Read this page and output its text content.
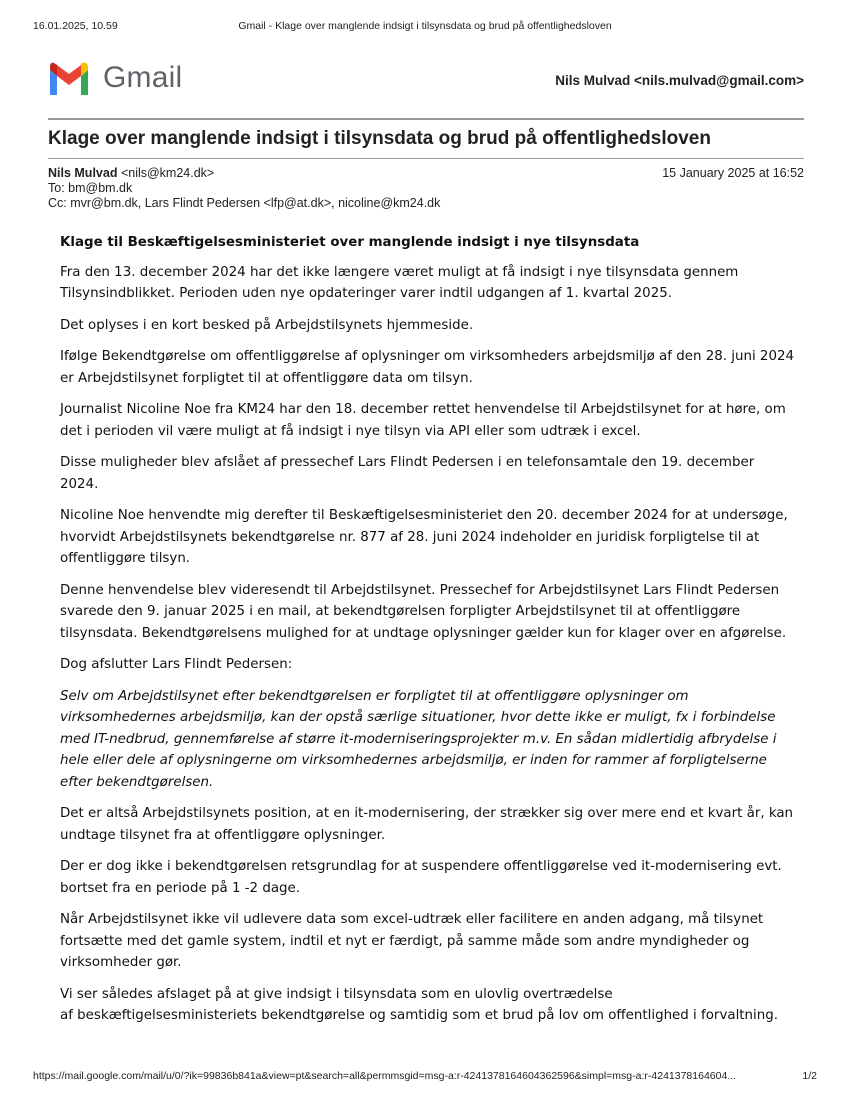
16.01.2025, 10.59	Gmail - Klage over manglende indsigt i tilsynsdata og brud på offentlighedsloven
Gmail	Nils Mulvad <nils.mulvad@gmail.com>
Klage over manglende indsigt i tilsynsdata og brud på offentlighedsloven
Nils Mulvad <nils@km24.dk>	15 January 2025 at 16:52
To: bm@bm.dk
Cc: mvr@bm.dk, Lars Flindt Pedersen <lfp@at.dk>, nicoline@km24.dk

Klage til Beskæftigelsesministeriet over manglende indsigt i nye tilsynsdata

Fra den 13. december 2024 har det ikke længere været muligt at få indsigt i nye tilsynsdata gennem Tilsynsindblikket. Perioden uden nye opdateringer varer indtil udgangen af 1. kvartal 2025.

Det oplyses i en kort besked på Arbejdstilsynets hjemmeside.

Ifølge Bekendtgørelse om offentliggørelse af oplysninger om virksomheders arbejdsmiljø af den 28. juni 2024 er Arbejdstilsynet forpligtet til at offentliggøre data om tilsyn.

Journalist Nicoline Noe fra KM24 har den 18. december rettet henvendelse til Arbejdstilsynet for at høre, om det i perioden vil være muligt at få indsigt i nye tilsyn via API eller som udtræk i excel.

Disse muligheder blev afslået af pressechef Lars Flindt Pedersen i en telefonsamtale den 19. december 2024.

Nicoline Noe henvendte mig derefter til Beskæftigelsesministeriet den 20. december 2024 for at undersøge, hvorvidt Arbejdstilsynets bekendtgørelse nr. 877 af 28. juni 2024 indeholder en juridisk forpligtelse til at offentliggøre tilsyn.

Denne henvendelse blev videresendt til Arbejdstilsynet. Pressechef for Arbejdstilsynet Lars Flindt Pedersen svarede den 9. januar 2025 i en mail, at bekendtgørelsen forpligter Arbejdstilsynet til at offentliggøre tilsynsdata. Bekendtgørelsens mulighed for at undtage oplysninger gælder kun for klager over en afgørelse.

Dog afslutter Lars Flindt Pedersen:

Selv om Arbejdstilsynet efter bekendtgørelsen er forpligtet til at offentliggøre oplysninger om virksomhedernes arbejdsmiljø, kan der opstå særlige situationer, hvor dette ikke er muligt, fx i forbindelse med IT-nedbrud, gennemførelse af større it-moderniseringsprojekter m.v. En sådan midlertidig afbrydelse i hele eller dele af oplysningerne om virksomhedernes arbejdsmiljø, er inden for rammer af forpligtelserne efter bekendtgørelsen.

Det er altså Arbejdstilsynets position, at en it-modernisering, der strækker sig over mere end et kvart år, kan undtage tilsynet fra at offentliggøre oplysninger.

Der er dog ikke i bekendtgørelsen retsgrundlag for at suspendere offentliggørelse ved it-modernisering evt. bortset fra en periode på 1 -2 dage.

Når Arbejdstilsynet ikke vil udlevere data som excel-udtræk eller facilitere en anden adgang, må tilsynet fortsætte med det gamle system, indtil et nyt er færdigt, på samme måde som andre myndigheder og virksomheder gør.

Vi ser således afslaget på at give indsigt i tilsynsdata som en ulovlig overtrædelse
af beskæftigelsesministeriets bekendtgørelse og samtidig som et brud på lov om offentlighed i forvaltning.

https://mail.google.com/mail/u/0/?ik=99836b841a&view=pt&search=all&permmsgid=msg-a:r-4241378164604362596&simpl=msg-a:r-4241378164604...	1/2
